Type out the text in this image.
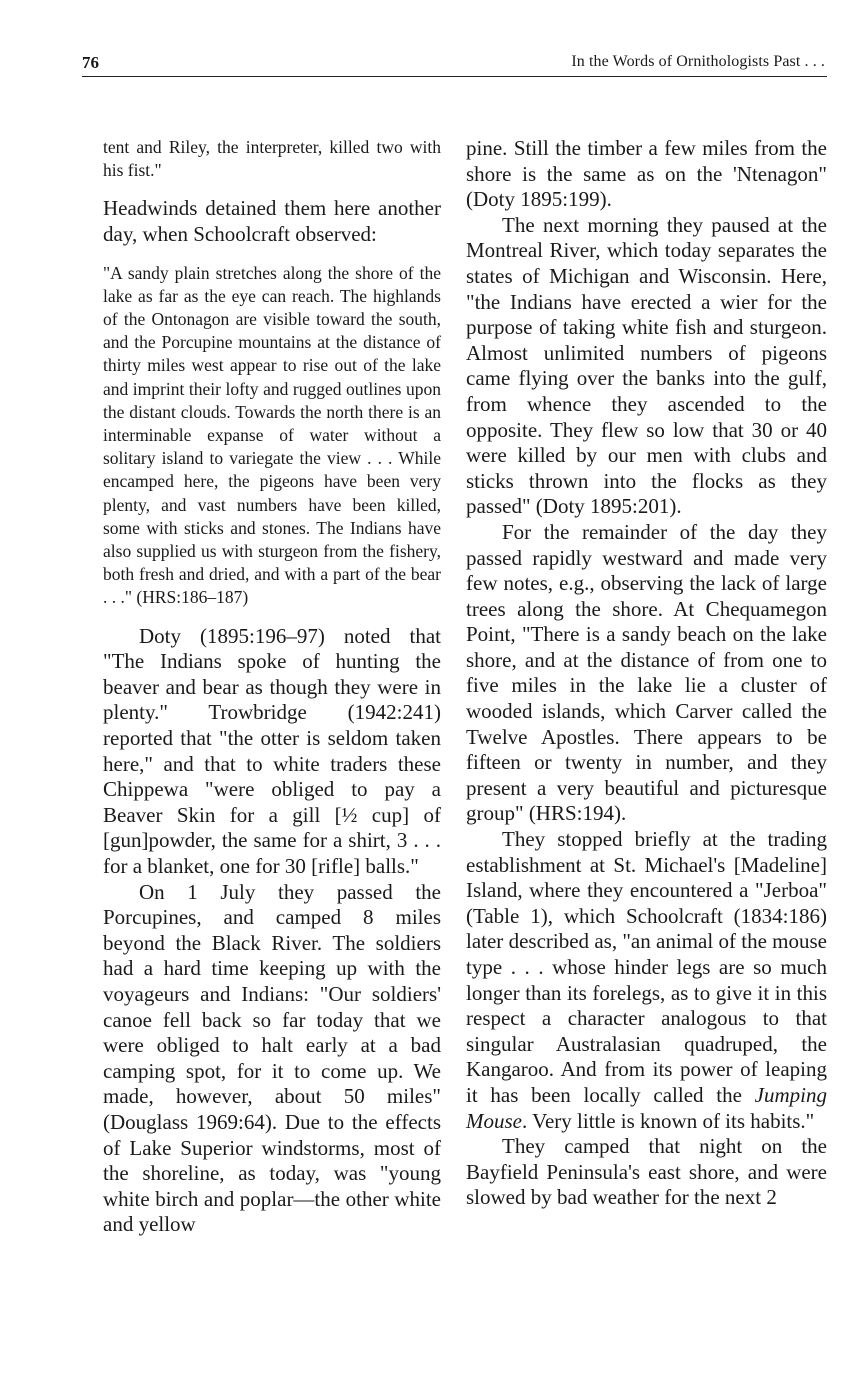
76	In the Words of Ornithologists Past . . .

tent and Riley, the interpreter, killed two with his fist."

Headwinds detained them here another day, when Schoolcraft observed:

"A sandy plain stretches along the shore of the lake as far as the eye can reach. The highlands of the Ontonagon are visible toward the south, and the Porcupine mountains at the distance of thirty miles west appear to rise out of the lake and imprint their lofty and rugged outlines upon the distant clouds. Towards the north there is an interminable expanse of water without a solitary island to variegate the view . . . While encamped here, the pigeons have been very plenty, and vast numbers have been killed, some with sticks and stones. The Indians have also supplied us with sturgeon from the fishery, both fresh and dried, and with a part of the bear . . ." (HRS:186–187)

Doty (1895:196–97) noted that "The Indians spoke of hunting the beaver and bear as though they were in plenty." Trowbridge (1942:241) reported that "the otter is seldom taken here," and that to white traders these Chippewa "were obliged to pay a Beaver Skin for a gill [½ cup] of [gun]powder, the same for a shirt, 3 . . . for a blanket, one for 30 [rifle] balls."

On 1 July they passed the Porcupines, and camped 8 miles beyond the Black River. The soldiers had a hard time keeping up with the voyageurs and Indians: "Our soldiers' canoe fell back so far today that we were obliged to halt early at a bad camping spot, for it to come up. We made, however, about 50 miles" (Douglass 1969:64). Due to the effects of Lake Superior windstorms, most of the shoreline, as today, was "young white birch and poplar—the other white and yellow

pine. Still the timber a few miles from the shore is the same as on the 'Ntenagon" (Doty 1895:199).

The next morning they paused at the Montreal River, which today separates the states of Michigan and Wisconsin. Here, "the Indians have erected a wier for the purpose of taking white fish and sturgeon. Almost unlimited numbers of pigeons came flying over the banks into the gulf, from whence they ascended to the opposite. They flew so low that 30 or 40 were killed by our men with clubs and sticks thrown into the flocks as they passed" (Doty 1895:201).

For the remainder of the day they passed rapidly westward and made very few notes, e.g., observing the lack of large trees along the shore. At Chequamegon Point, "There is a sandy beach on the lake shore, and at the distance of from one to five miles in the lake lie a cluster of wooded islands, which Carver called the Twelve Apostles. There appears to be fifteen or twenty in number, and they present a very beautiful and picturesque group" (HRS:194).

They stopped briefly at the trading establishment at St. Michael's [Madeline] Island, where they encountered a "Jerboa" (Table 1), which Schoolcraft (1834:186) later described as, "an animal of the mouse type . . . whose hinder legs are so much longer than its forelegs, as to give it in this respect a character analogous to that singular Australasian quadruped, the Kangaroo. And from its power of leaping it has been locally called the Jumping Mouse. Very little is known of its habits."

They camped that night on the Bayfield Peninsula's east shore, and were slowed by bad weather for the next 2
